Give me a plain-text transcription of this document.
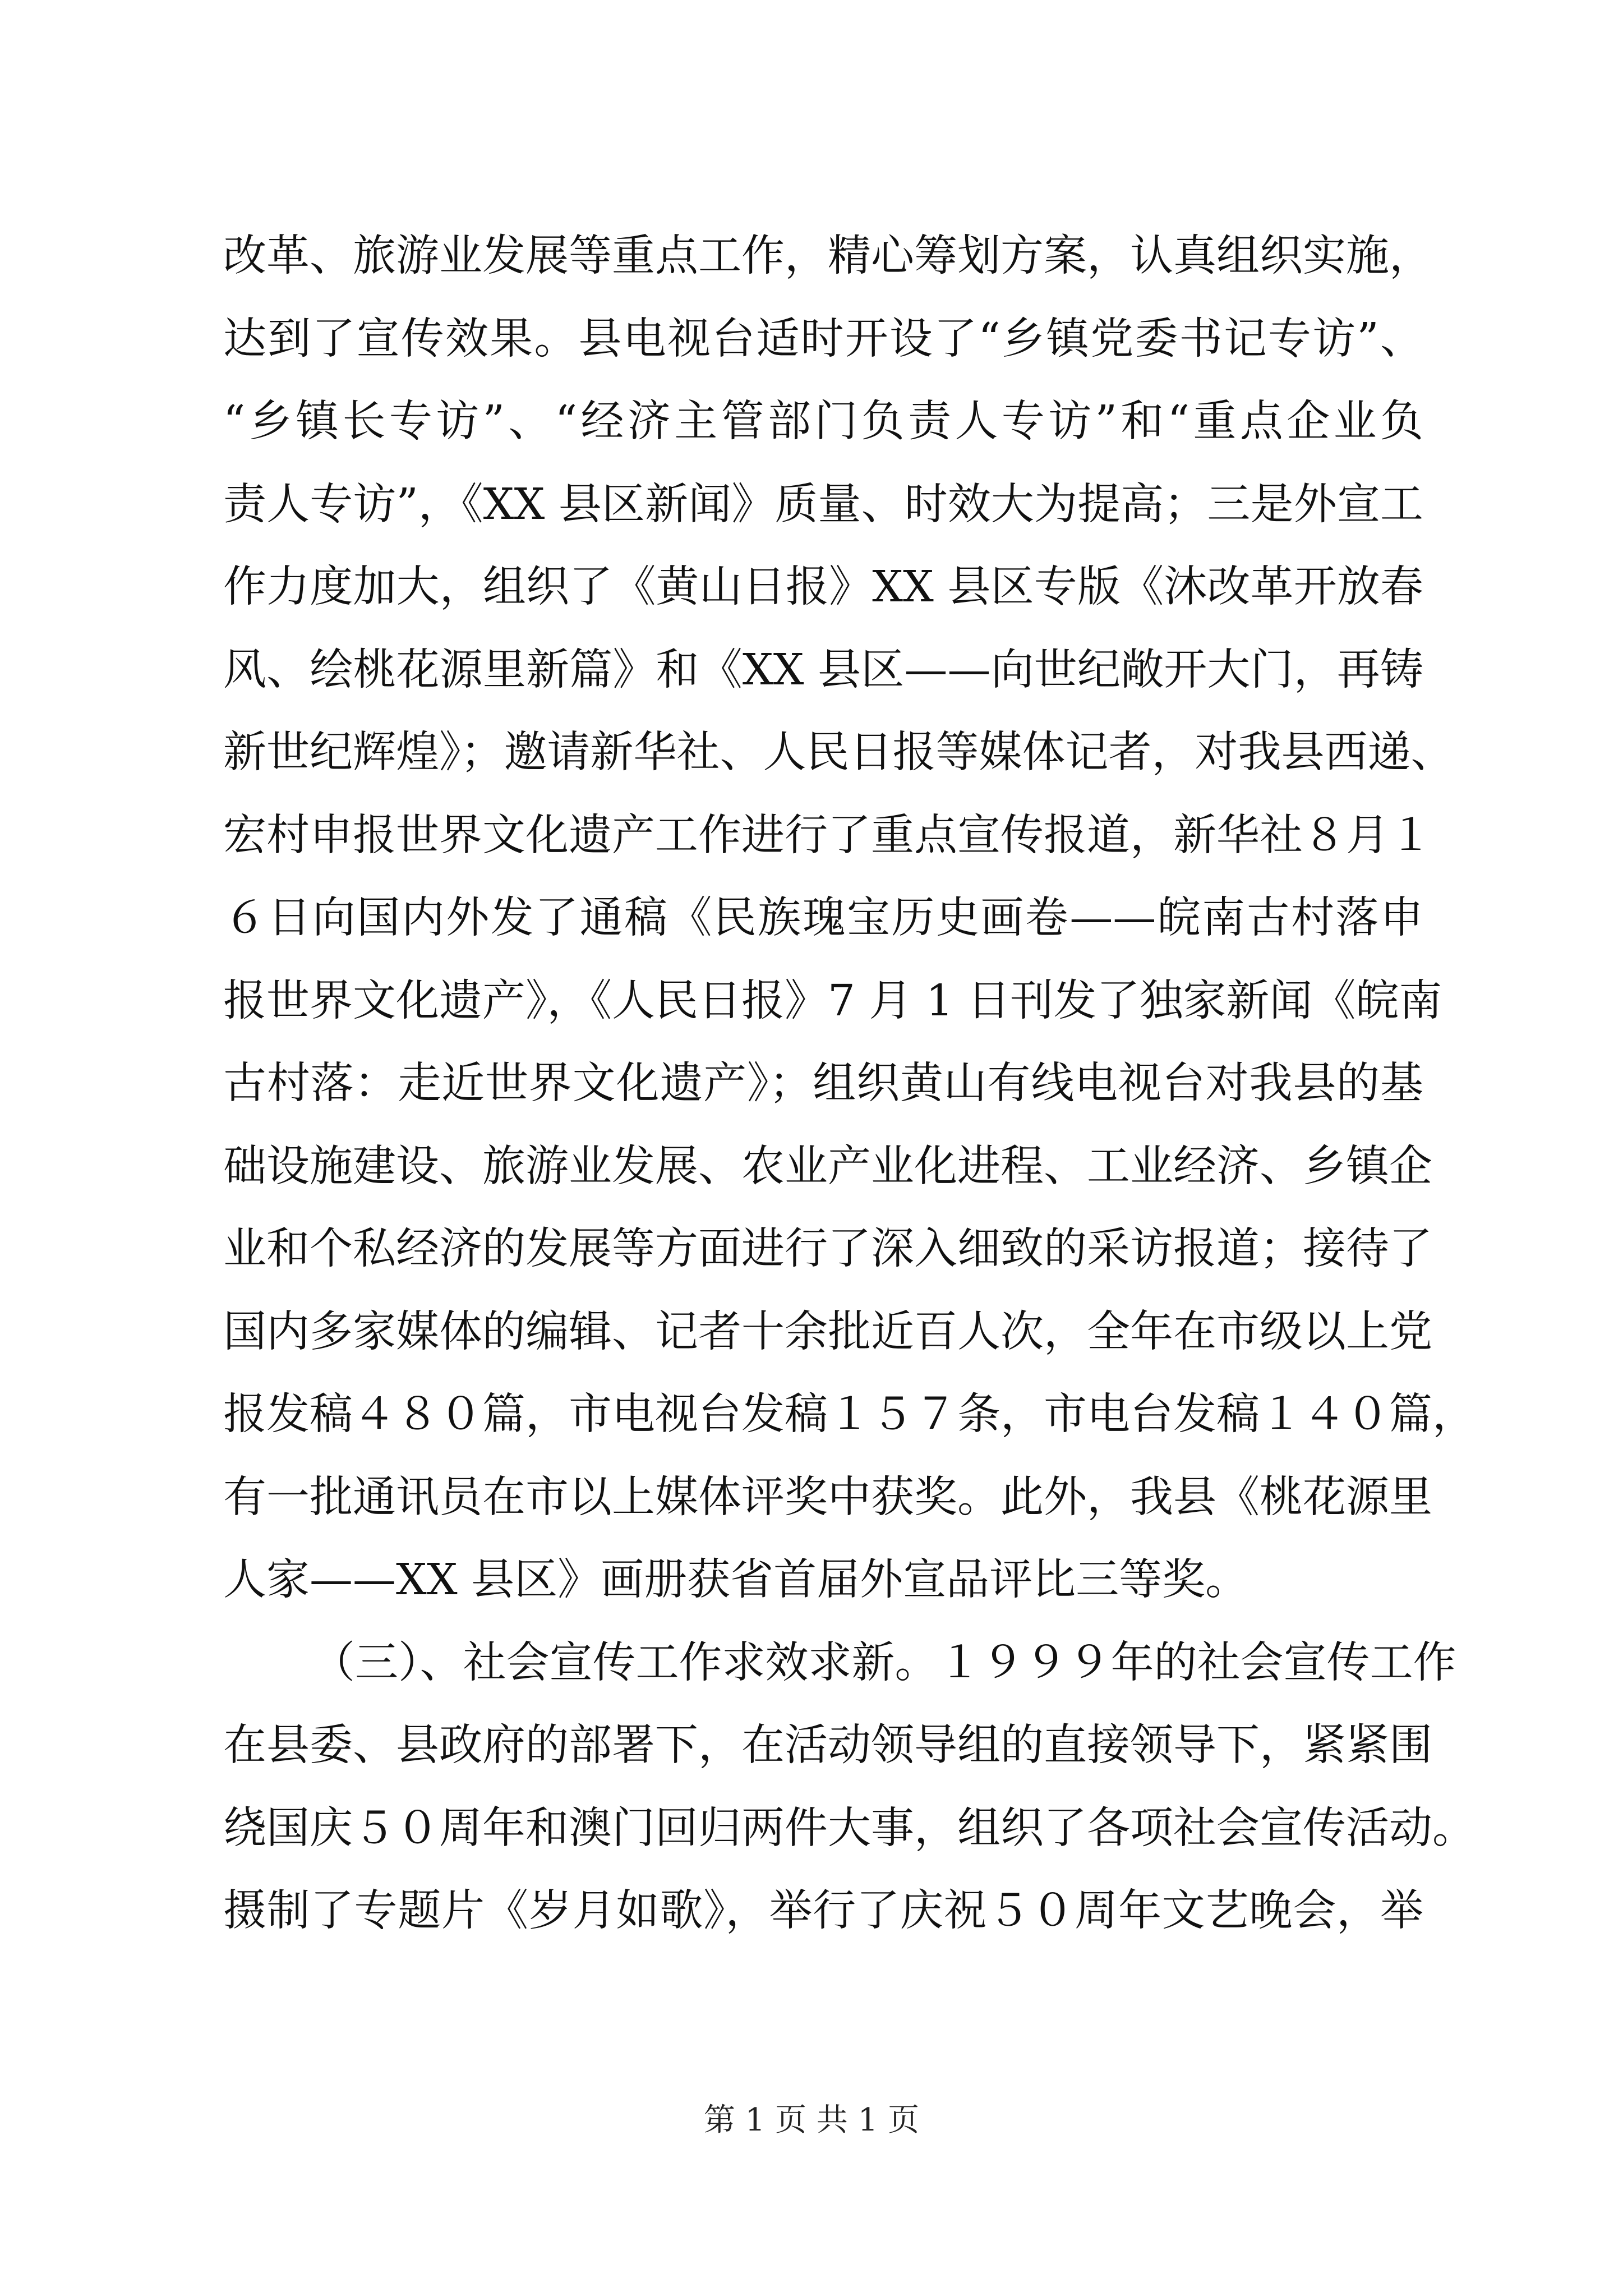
改革、旅游业发展等重点工作，精心筹划方案，认真组织实施，
达到了宣传效果。县电视台适时开设了“乡镇党委书记专访”、
“乡镇长专访”、“经济主管部门负责人专访”和“重点企业负
责人专访”，《XX 县区新闻》质量、时效大为提高；三是外宣工
作力度加大，组织了《黄山日报》XX 县区专版《沐改革开放春
风、绘桃花源里新篇》和《XX 县区——向世纪敞开大门，再铸
新世纪辉煌》；邀请新华社、人民日报等媒体记者，对我县西递、
宏村申报世界文化遗产工作进行了重点宣传报道，新华社８月１
６日向国内外发了通稿《民族瑰宝历史画卷——皖南古村落申
报世界文化遗产》，《人民日报》7 月 1 日刊发了独家新闻《皖南
古村落：走近世界文化遗产》；组织黄山有线电视台对我县的基
础设施建设、旅游业发展、农业产业化进程、工业经济、乡镇企
业和个私经济的发展等方面进行了深入细致的采访报道；接待了
国内多家媒体的编辑、记者十余批近百人次，全年在市级以上党
报发稿４８０篇，市电视台发稿１５７条，市电台发稿１４０篇，
有一批通讯员在市以上媒体评奖中获奖。此外，我县《桃花源里
人家——XX 县区》画册获省首届外宣品评比三等奖。
（三）、社会宣传工作求效求新。１９９９年的社会宣传工作
在县委、县政府的部署下，在活动领导组的直接领导下，紧紧围
绕国庆５０周年和澳门回归两件大事，组织了各项社会宣传活动。
摄制了专题片《岁月如歌》，举行了庆祝５０周年文艺晚会，举
第 1 页 共 1 页
